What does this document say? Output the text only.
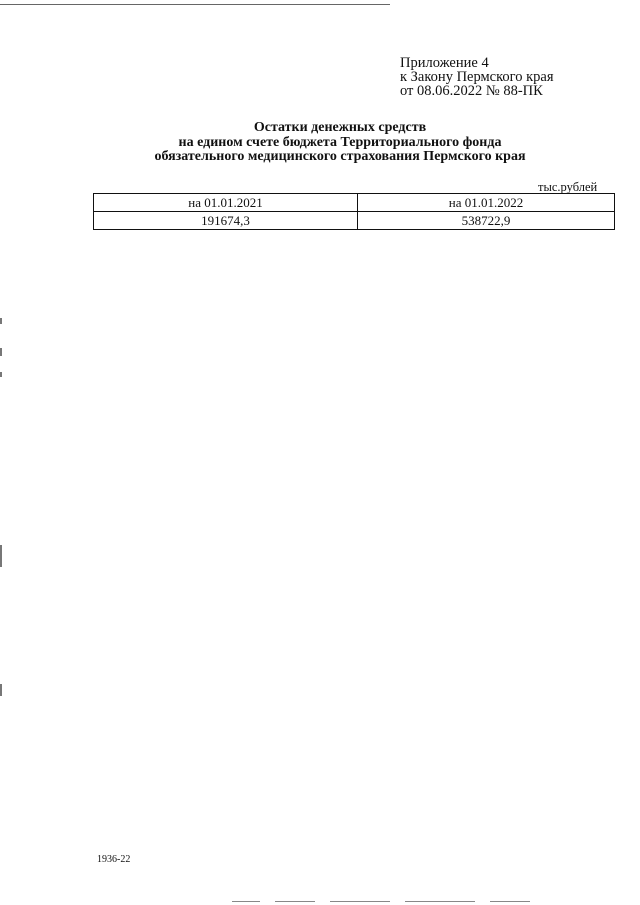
Приложение 4
к Закону Пермского края
от 08.06.2022 № 88-ПК
Остатки денежных средств
на едином счете бюджета Территориального фонда
обязательного медицинского страхования Пермского края
тыс.рублей
на 01.01.2021	на 01.01.2022
191674,3	538722,9
1936-22
